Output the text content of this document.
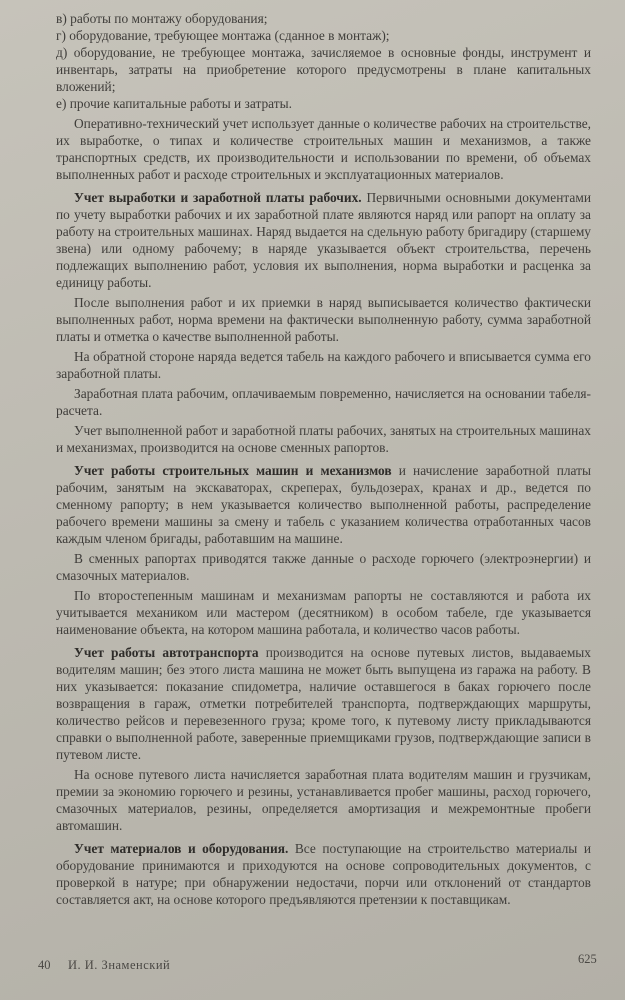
в) работы по монтажу оборудования;
г) оборудование, требующее монтажа (сданное в монтаж);
д) оборудование, не требующее монтажа, зачисляемое в основные фонды, инструмент и инвентарь, затраты на приобретение которого предусмотрены в плане капитальных вложений;
е) прочие капитальные работы и затраты.

Оперативно-технический учет использует данные о количестве рабочих на строительстве, их выработке, о типах и количестве строительных машин и механизмов, а также транспортных средств, их производительности и использовании по времени, об объемах выполненных работ и расходе строительных и эксплуатационных материалов.

Учет выработки и заработной платы рабочих. Первичными основными документами по учету выработки рабочих и их заработной плате являются наряд или рапорт на оплату за работу на строительных машинах. Наряд выдается на сдельную работу бригадиру (старшему звена) или одному рабочему; в наряде указывается объект строительства, перечень подлежащих выполнению работ, условия их выполнения, норма выработки и расценка за единицу работы.

После выполнения работ и их приемки в наряд выписывается количество фактически выполненных работ, норма времени на фактически выполненную работу, сумма заработной платы и отметка о качестве выполненной работы.

На обратной стороне наряда ведется табель на каждого рабочего и вписывается сумма его заработной платы.

Заработная плата рабочим, оплачиваемым повременно, начисляется на основании табеля-расчета.

Учет выполненной работ и заработной платы рабочих, занятых на строительных машинах и механизмах, производится на основе сменных рапортов.

Учет работы строительных машин и механизмов и начисление заработной платы рабочим, занятым на экскаваторах, скреперах, бульдозерах, кранах и др., ведется по сменному рапорту; в нем указывается количество выполненной работы, распределение рабочего времени машины за смену и табель с указанием количества отработанных часов каждым членом бригады, работавшим на машине.

В сменных рапортах приводятся также данные о расходе горючего (электроэнергии) и смазочных материалов.

По второстепенным машинам и механизмам рапорты не составляются и работа их учитывается механиком или мастером (десятником) в особом табеле, где указывается наименование объекта, на котором машина работала, и количество часов работы.

Учет работы автотранспорта производится на основе путевых листов, выдаваемых водителям машин; без этого листа машина не может быть выпущена из гаража на работу. В них указывается: показание спидометра, наличие оставшегося в баках горючего после возвращения в гараж, отметки потребителей транспорта, подтверждающих маршруты, количество рейсов и перевезенного груза; кроме того, к путевому листу прикладываются справки о выполненной работе, заверенные приемщиками грузов, подтверждающие записи в путевом листе.

На основе путевого листа начисляется заработная плата водителям машин и грузчикам, премии за экономию горючего и резины, устанавливается пробег машины, расход горючего, смазочных материалов, резины, определяется амортизация и межремонтные пробеги автомашин.

Учет материалов и оборудования. Все поступающие на строительство материалы и оборудование принимаются и приходуются на основе сопроводительных документов, с проверкой в натуре; при обнаружении недостачи, порчи или отклонений от стандартов составляется акт, на основе которого предъявляются претензии к поставщикам.

40 И. И. Знаменский	625
